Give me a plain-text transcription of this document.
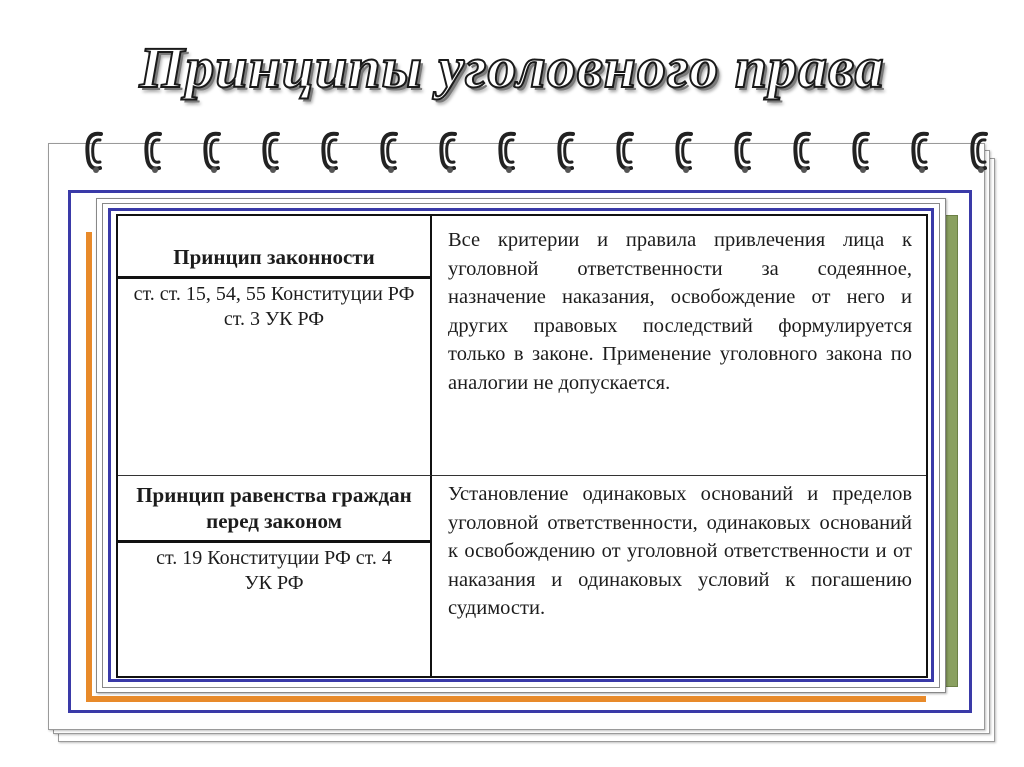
Принципы уголовного права
Принцип законности
ст. ст. 15, 54, 55 Конституции РФ ст. 3 УК РФ
Все критерии и правила привлечения лица к уголовной ответственности за содеянное, назначение наказания, освобождение от него и других правовых последствий формулируется только в законе. Применение уголовного закона по аналогии не допускается.
Принцип равенства граждан перед законом
ст. 19 Конституции РФ ст. 4 УК РФ
Установление одинаковых оснований и пределов уголовной ответственности, одинаковых оснований к освобождению от уголовной ответственности и от наказания и одинаковых условий к погашению судимости.
